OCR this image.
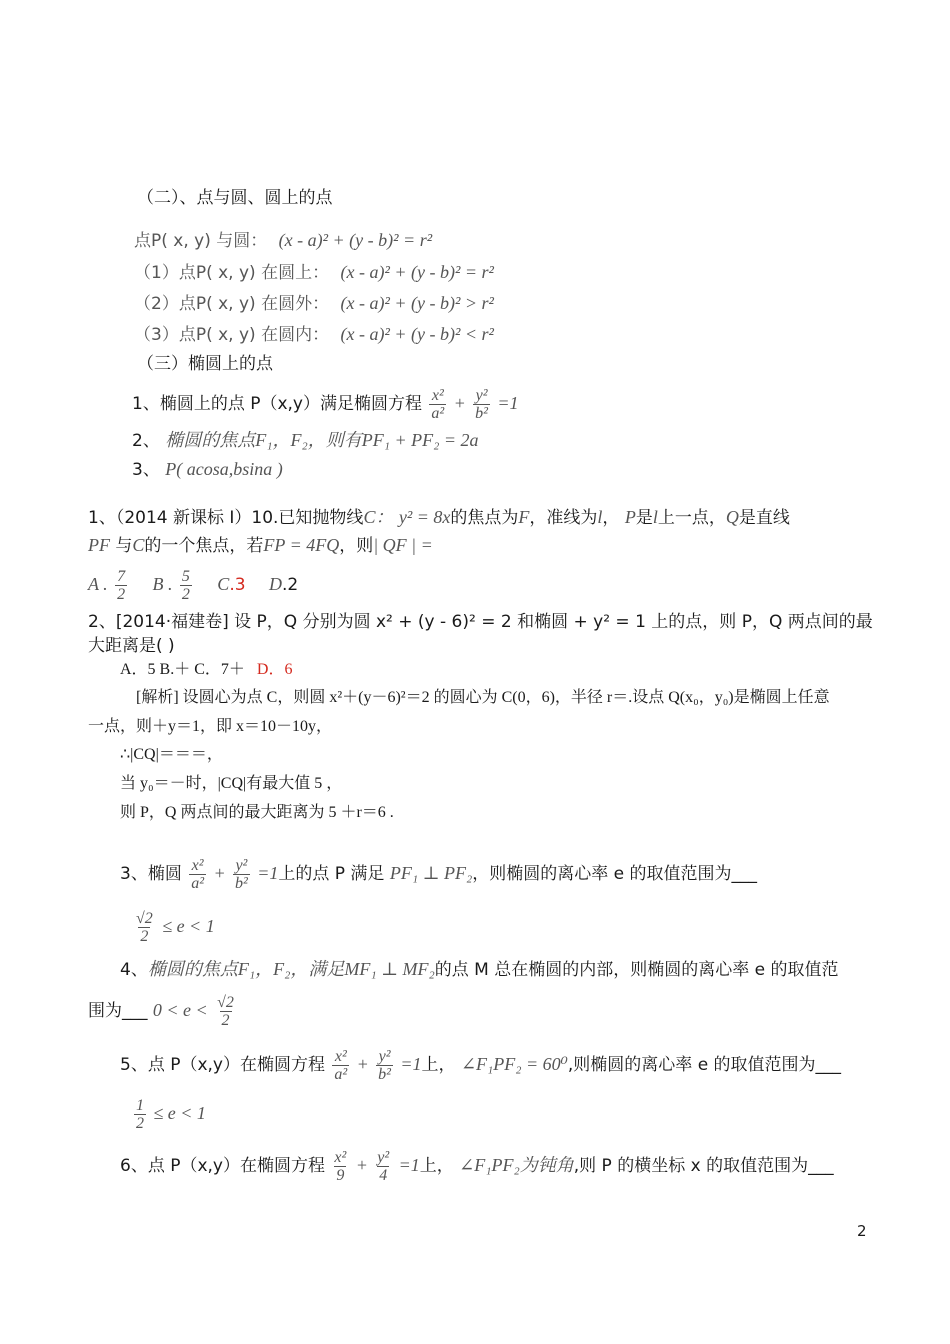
（二）、点与圆、圆上的点
点P( x, y) 与圆： (x - a)² + (y - b)² = r²
（1）点P( x, y) 在圆上： (x - a)² + (y - b)² = r²
（2）点P( x, y) 在圆外： (x - a)² + (y - b)² > r²
（3）点P( x, y) 在圆内： (x - a)² + (y - b)² < r²
（三）椭圆上的点
1、椭圆上的点 P（x,y）满足椭圆方程 $\frac{\text{x²}}{\text{a²}} + \frac{\text{y²}}{\text{b²}} =1$
2、 椭圆的焦点F₁，F₂，则有PF₁ + PF₂ = 2a
3、 P( acosa,bsina )
1、（2014 新课标 I）10.已知抛物线C： y² = 8x的焦点为F，准线为l， P是l上一点，Q是直线
PF 与C的一个焦点，若FP = 4FQ，则| QF | =
A . $\frac{7}{2}$ B . $\frac{5}{2} C.3$ D.2
2、[2014·福建卷] 设 P，Q 分别为圆 x² + (y - 6)² = 2 和椭圆 + y² = 1 上的点，则 P，Q 两点间的最
大距离是( )
A．5 B.＋ C．7＋ D．6
[解析] 设圆心为点 C，则圆 x²＋(y－6)²＝2 的圆心为 C(0，6)，半径 r＝.设点 Q(x₀，y₀)是椭圆上任意
一点，则＋y＝1，即 x＝10－10y，
∴|CQ|＝＝＝，
当 y₀＝－时，|CQ|有最大值 5 ，
则 P，Q 两点间的最大距离为 5 ＋r＝6 .
3、椭圆 $\frac{\text{x²}}{\text{a²}} + \frac{\text{y²}}{\text{b²}} =1$上的点 P 满足 PF₁ ⊥ PF₂，则椭圆的离心率 e 的取值范围为___
$\frac{√2}{2} \le e < 1$
4、椭圆的焦点F₁，F₂，满足MF₁ ⊥ MF₂的点 M 总在椭圆的内部，则椭圆的离心率 e 的取值范
围为___ $0 < e < \frac{√2}{2}$
5、点 P（x,y）在椭圆方程 $\frac{\text{x²}}{\text{a²}} + \frac{\text{y²}}{\text{b²}} =1$上， ∠F₁PF₂ = 60⁰,则椭圆的离心率 e 的取值范围为___
$\frac{1}{2} \le e < 1$
6、点 P（x,y）在椭圆方程 $\frac{\text{x²}}{9} + \frac{\text{y²}}{4} =1$上， ∠F₁PF₂为钝角,则 P 的横坐标 x 的取值范围为___
2
